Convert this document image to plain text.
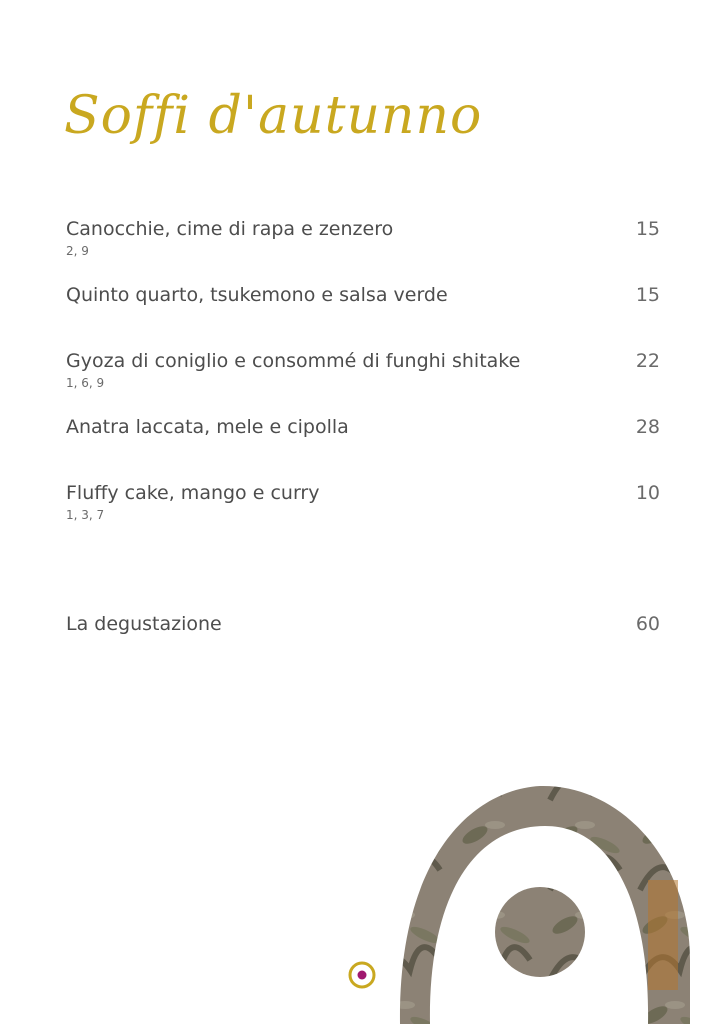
Soffi d'autunno
Canocchie, cime di rapa e zenzero	15
2, 9
Quinto quarto, tsukemono e salsa verde	15
Gyoza di coniglio e consommé di funghi shitake	22
1, 6, 9
Anatra laccata, mele e cipolla	28
Fluffy cake, mango e curry	10
1, 3, 7
La degustazione	60
